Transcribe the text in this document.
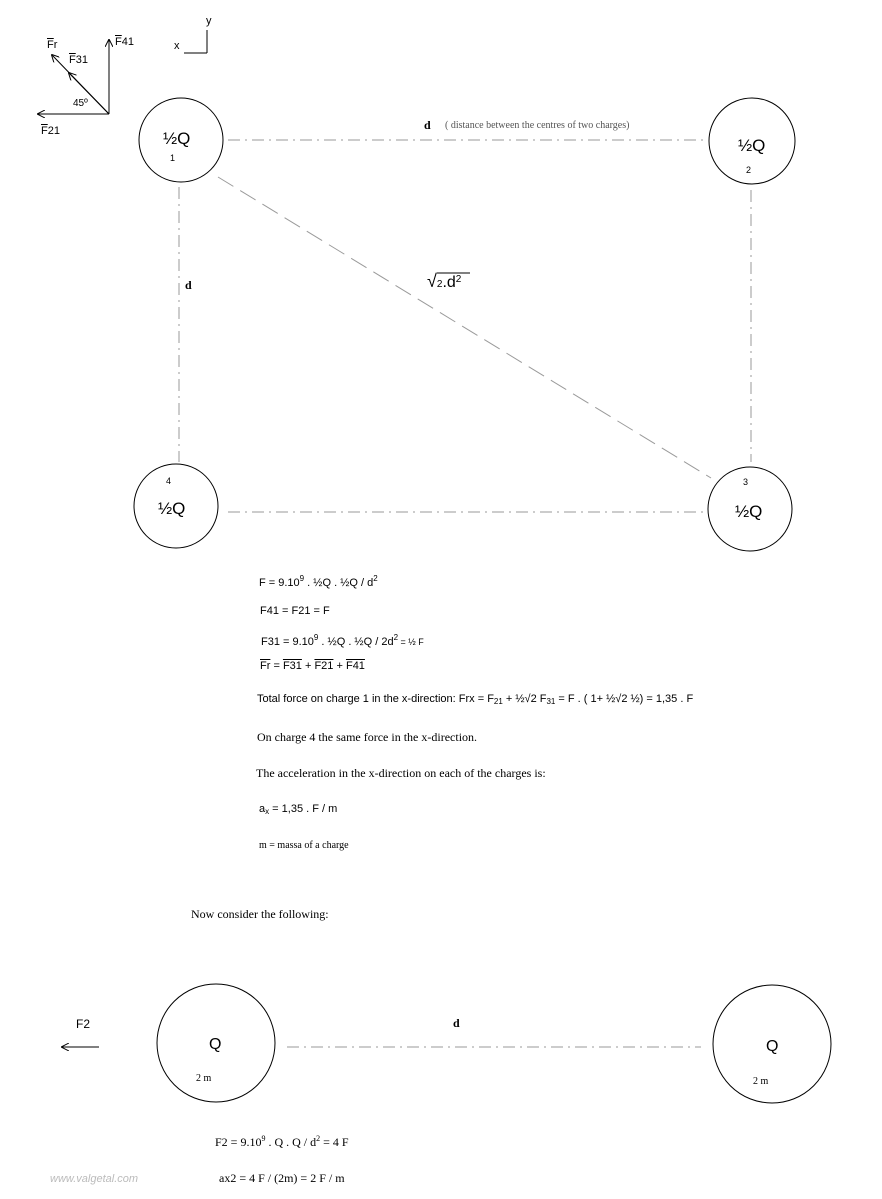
y
x
$\overline{F}r$	$\overline{F}41$
$\overline{F}31$
$\overline{F}21$
45º
½Q
1
½Q
2
½Q
3
½Q
4
d ( distance between the centres of two charges)
d	$√2.d^2$
$F = 9.10^9$ . ½Q . ½Q / $d^2$
F41 = F21 = F
$F31 = 9.10^9$ . ½Q . ½Q / $2d^2$ = ½ F
$\overline{Fr} = F31 + F21 + F41$
Total force on charge 1 in the x-direction: Frx = $F_{21}$ + ½√2 $F_{31} = F$ . ( 1+ ½√2 ½) = 1,35 . F
On charge 4 the same force in the x-direction.
The acceleration in the x-direction on each of the charges is:
$a_x = 1,35$ . F / m
m = massa of a charge
Now consider the following:
F2	d
Q
2 m
Q
2 m
$F2 = 9.10^9$ . Q . $Q / d^2 = 4$ F
ax2 = 4 F / (2m) = 2 F / m
www.valgetal.com
